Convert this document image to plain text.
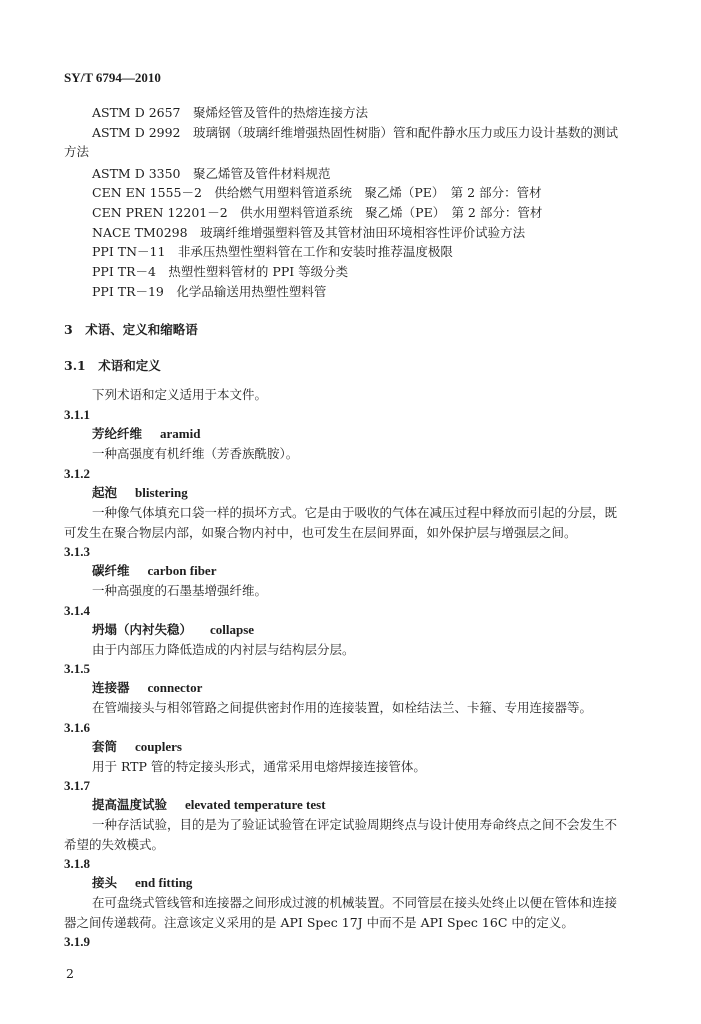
SY/T 6794—2010
ASTM D 2657　聚烯烃管及管件的热熔连接方法
ASTM D 2992　玻璃钢（玻璃纤维增强热固性树脂）管和配件静水压力或压力设计基数的测试
方法
ASTM D 3350　聚乙烯管及管件材料规范
CEN EN 1555－2　供给燃气用塑料管道系统　聚乙烯（PE）　第 2 部分：管材
CEN PREN 12201－2　供水用塑料管道系统　聚乙烯（PE）　第 2 部分：管材
NACE TM0298　玻璃纤维增强塑料管及其管材油田环境相容性评价试验方法
PPI TN－11　非承压热塑性塑料管在工作和安装时推荐温度极限
PPI TR－4　热塑性塑料管材的 PPI 等级分类
PPI TR－19　化学品输送用热塑性塑料管
3　术语、定义和缩略语
3.1　术语和定义
下列术语和定义适用于本文件。
3.1.1
芳纶纤维 aramid
一种高强度有机纤维（芳香族酰胺）。
3.1.2
起泡 blistering
一种像气体填充口袋一样的损坏方式。它是由于吸收的气体在减压过程中释放而引起的分层，既
可发生在聚合物层内部，如聚合物内衬中，也可发生在层间界面，如外保护层与增强层之间。
3.1.3
碳纤维 carbon fiber
一种高强度的石墨基增强纤维。
3.1.4
坍塌（内衬失稳） collapse
由于内部压力降低造成的内衬层与结构层分层。
3.1.5
连接器 connector
在管端接头与相邻管路之间提供密封作用的连接装置，如栓结法兰、卡箍、专用连接器等。
3.1.6
套筒 couplers
用于 RTP 管的特定接头形式，通常采用电熔焊接连接管体。
3.1.7
提高温度试验 elevated temperature test
一种存活试验，目的是为了验证试验管在评定试验周期终点与设计使用寿命终点之间不会发生不
希望的失效模式。
3.1.8
接头 end fitting
在可盘绕式管线管和连接器之间形成过渡的机械装置。不同管层在接头处终止以便在管体和连接
器之间传递载荷。注意该定义采用的是 API Spec 17J 中而不是 API Spec 16C 中的定义。
3.1.9
2
